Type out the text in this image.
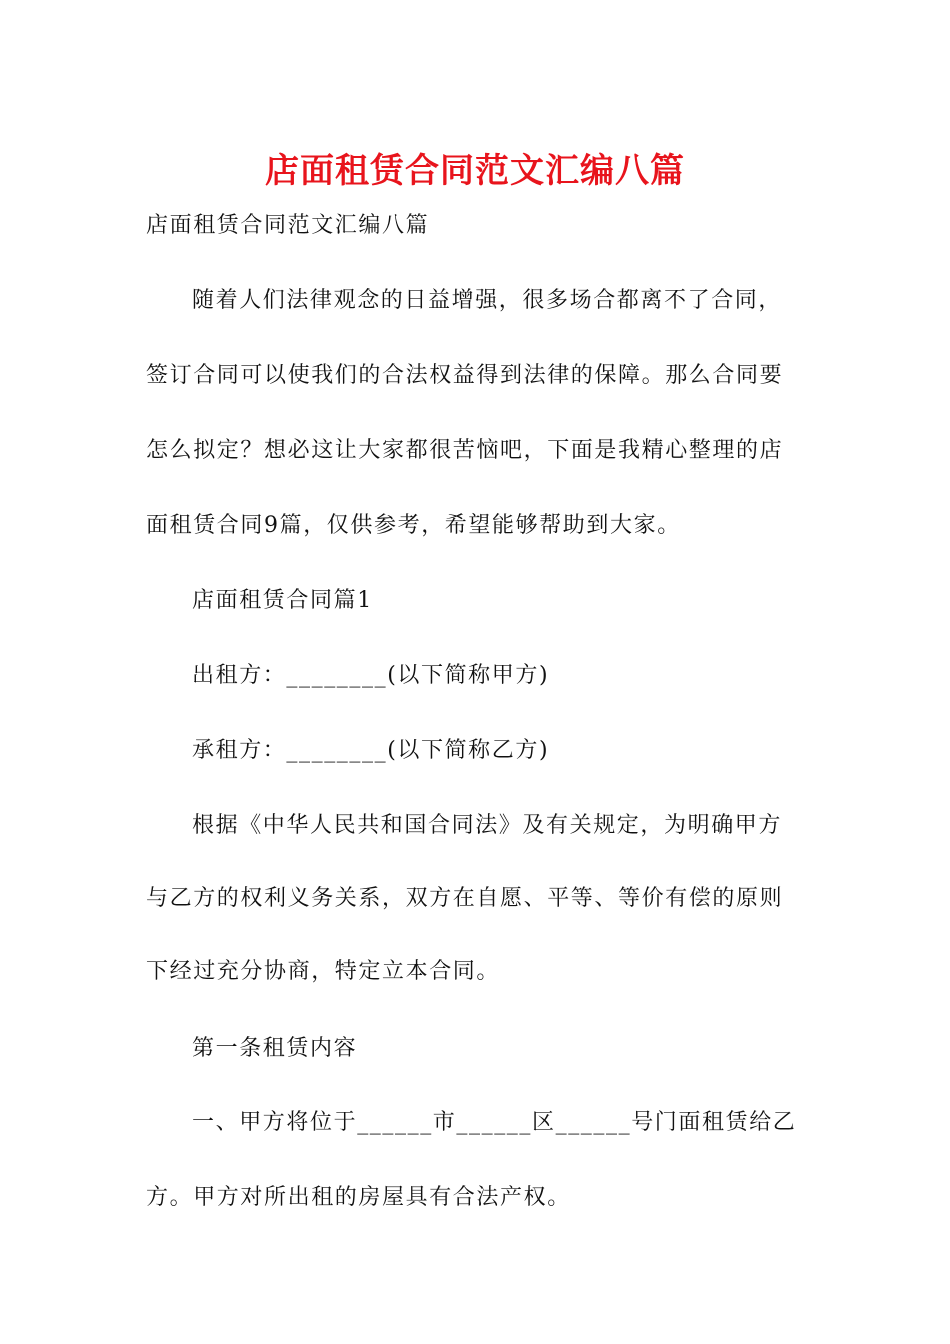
店面租赁合同范文汇编八篇
店面租赁合同范文汇编八篇
随着人们法律观念的日益增强，很多场合都离不了合同，
签订合同可以使我们的合法权益得到法律的保障。那么合同要
怎么拟定？想必这让大家都很苦恼吧，下面是我精心整理的店
面租赁合同9篇，仅供参考，希望能够帮助到大家。
店面租赁合同篇1
出租方：________(以下简称甲方)
承租方：________(以下简称乙方)
根据《中华人民共和国合同法》及有关规定，为明确甲方
与乙方的权利义务关系，双方在自愿、平等、等价有偿的原则
下经过充分协商，特定立本合同。
第一条租赁内容
一、甲方将位于______市______区______号门面租赁给乙
方。甲方对所出租的房屋具有合法产权。
